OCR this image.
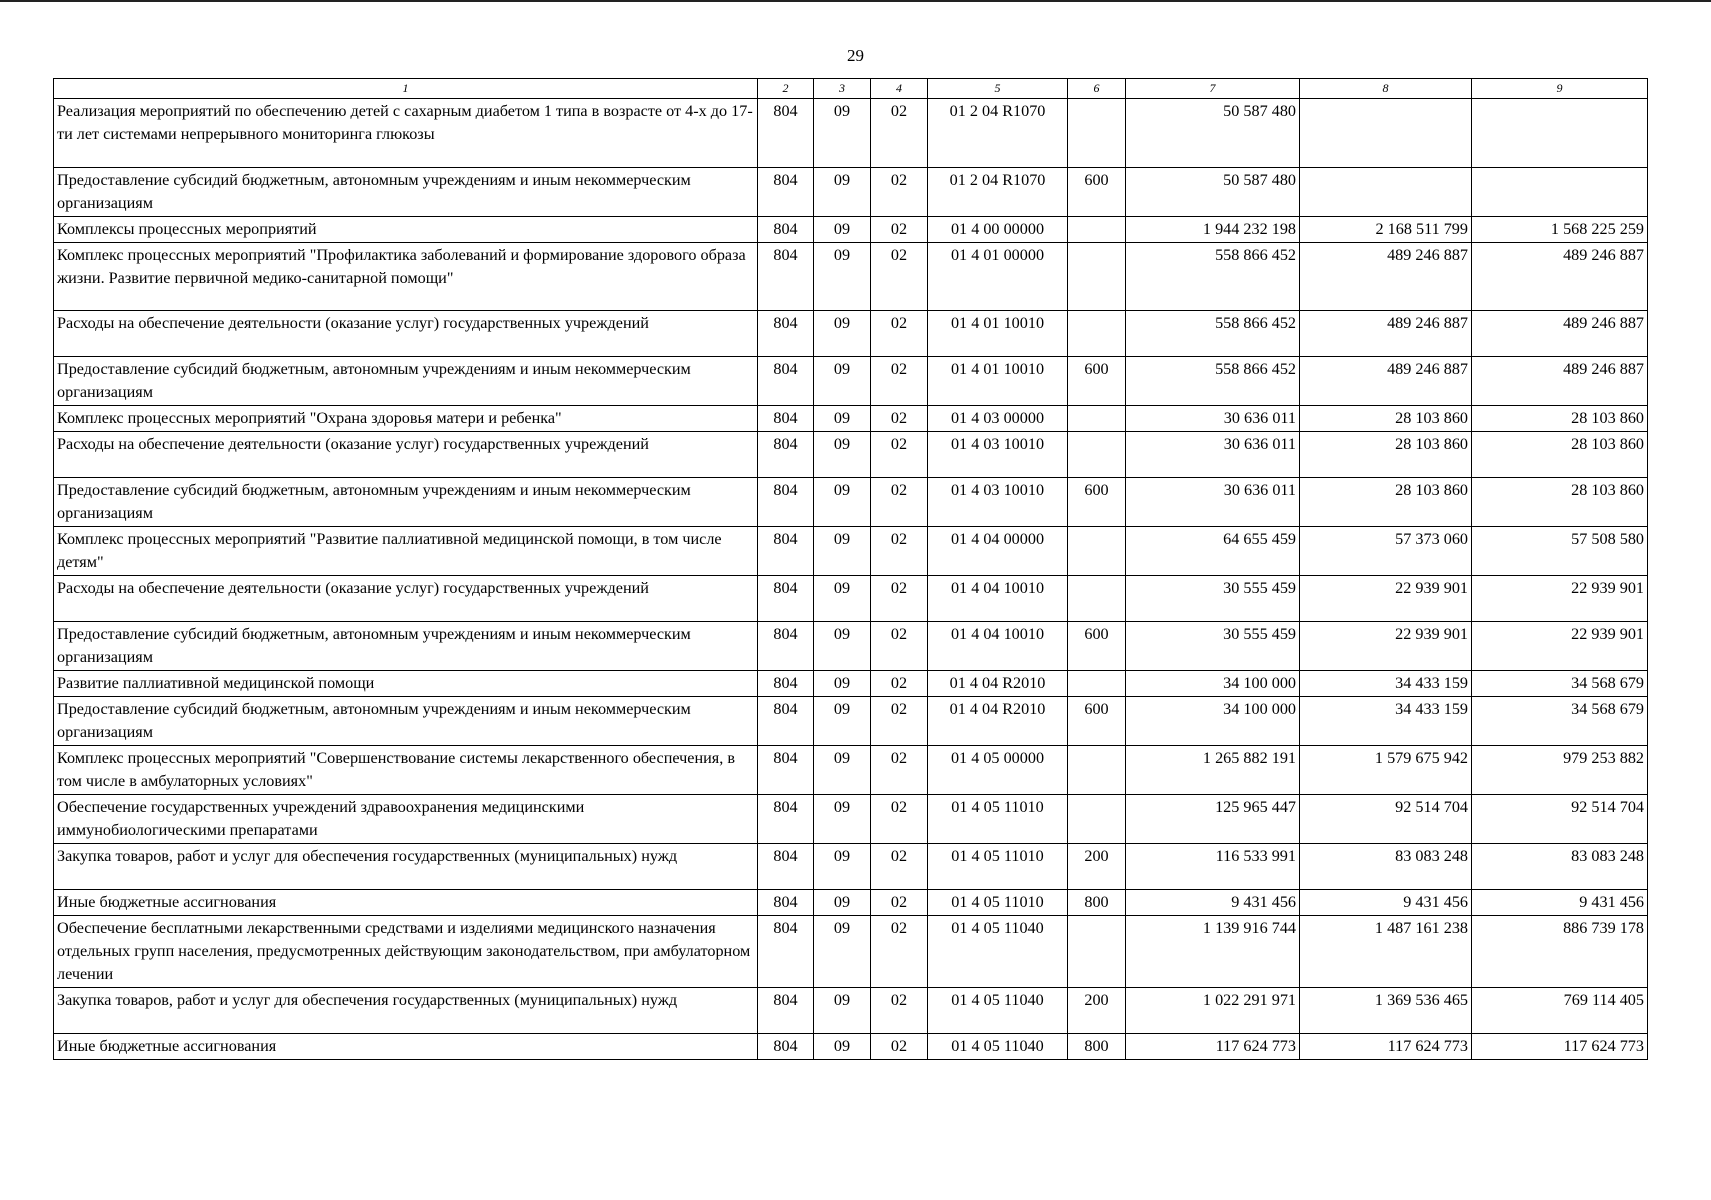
29
1	2	3	4	5	6	7	8	9
Реализация мероприятий по обеспечению детей с сахарным диабетом 1 типа в возрасте от 4-х до 17-ти лет системами непрерывного мониторинга глюкозы	804	09	02	01 2 04 R1070		50 587 480		
Предоставление субсидий бюджетным, автономным учреждениям и иным некоммерческим организациям	804	09	02	01 2 04 R1070	600	50 587 480		
Комплексы процессных мероприятий	804	09	02	01 4 00 00000		1 944 232 198	2 168 511 799	1 568 225 259
Комплекс процессных мероприятий "Профилактика заболеваний и формирование здорового образа жизни. Развитие первичной медико-санитарной помощи"	804	09	02	01 4 01 00000		558 866 452	489 246 887	489 246 887
Расходы на обеспечение деятельности (оказание услуг) государственных учреждений	804	09	02	01 4 01 10010		558 866 452	489 246 887	489 246 887
Предоставление субсидий бюджетным, автономным учреждениям и иным некоммерческим организациям	804	09	02	01 4 01 10010	600	558 866 452	489 246 887	489 246 887
Комплекс процессных мероприятий "Охрана здоровья матери и ребенка"	804	09	02	01 4 03 00000		30 636 011	28 103 860	28 103 860
Расходы на обеспечение деятельности (оказание услуг) государственных учреждений	804	09	02	01 4 03 10010		30 636 011	28 103 860	28 103 860
Предоставление субсидий бюджетным, автономным учреждениям и иным некоммерческим организациям	804	09	02	01 4 03 10010	600	30 636 011	28 103 860	28 103 860
Комплекс процессных мероприятий "Развитие паллиативной медицинской помощи, в том числе детям"	804	09	02	01 4 04 00000		64 655 459	57 373 060	57 508 580
Расходы на обеспечение деятельности (оказание услуг) государственных учреждений	804	09	02	01 4 04 10010		30 555 459	22 939 901	22 939 901
Предоставление субсидий бюджетным, автономным учреждениям и иным некоммерческим организациям	804	09	02	01 4 04 10010	600	30 555 459	22 939 901	22 939 901
Развитие паллиативной медицинской помощи	804	09	02	01 4 04 R2010		34 100 000	34 433 159	34 568 679
Предоставление субсидий бюджетным, автономным учреждениям и иным некоммерческим организациям	804	09	02	01 4 04 R2010	600	34 100 000	34 433 159	34 568 679
Комплекс процессных мероприятий "Совершенствование системы лекарственного обеспечения, в том числе в амбулаторных условиях"	804	09	02	01 4 05 00000		1 265 882 191	1 579 675 942	979 253 882
Обеспечение государственных учреждений здравоохранения медицинскими иммунобиологическими препаратами	804	09	02	01 4 05 11010		125 965 447	92 514 704	92 514 704
Закупка товаров, работ и услуг для обеспечения государственных (муниципальных) нужд	804	09	02	01 4 05 11010	200	116 533 991	83 083 248	83 083 248
Иные бюджетные ассигнования	804	09	02	01 4 05 11010	800	9 431 456	9 431 456	9 431 456
Обеспечение бесплатными лекарственными средствами и изделиями медицинского назначения отдельных групп населения, предусмотренных действующим законодательством, при амбулаторном лечении	804	09	02	01 4 05 11040		1 139 916 744	1 487 161 238	886 739 178
Закупка товаров, работ и услуг для обеспечения государственных (муниципальных) нужд	804	09	02	01 4 05 11040	200	1 022 291 971	1 369 536 465	769 114 405
Иные бюджетные ассигнования	804	09	02	01 4 05 11040	800	117 624 773	117 624 773	117 624 773
